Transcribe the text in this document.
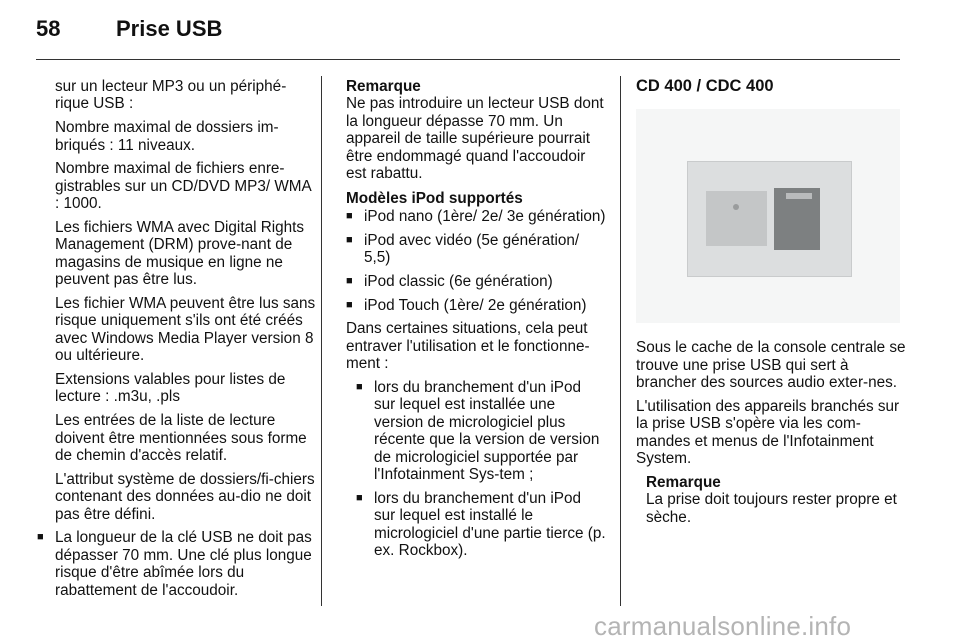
58	Prise USB

sur un lecteur MP3 ou un périphé-rique USB :

Nombre maximal de dossiers im-briqués : 11 niveaux.

Nombre maximal de fichiers enre-gistrables sur un CD/DVD MP3/ WMA : 1000.

Les fichiers WMA avec Digital Rights Management (DRM) prove-nant de magasins de musique en ligne ne peuvent pas être lus.

Les fichier WMA peuvent être lus sans risque uniquement s'ils ont été créés avec Windows Media Player version 8 ou ultérieure.

Extensions valables pour listes de lecture : .m3u, .pls

Les entrées de la liste de lecture doivent être mentionnées sous forme de chemin d'accès relatif.

L'attribut système de dossiers/fi-chiers contenant des données au-dio ne doit pas être défini.

■ La longueur de la clé USB ne doit pas dépasser 70 mm. Une clé plus longue risque d'être abîmée lors du rabattement de l'accoudoir.
Remarque
Ne pas introduire un lecteur USB dont la longueur dépasse 70 mm. Un appareil de taille supérieure pourrait être endommagé quand l'accoudoir est rabattu.
Modèles iPod supportés
■ iPod nano (1ère/ 2e/ 3e génération)
■ iPod avec vidéo (5e génération/ 5,5)
■ iPod classic (6e génération)
■ iPod Touch (1ère/ 2e génération)

Dans certaines situations, cela peut entraver l'utilisation et le fonctionne-ment :

■ lors du branchement d'un iPod sur lequel est installée une version de micrologiciel plus récente que la version de version de micrologiciel supportée par l'Infotainment Sys-tem ;
■ lors du branchement d'un iPod sur lequel est installé le micrologiciel d'une partie tierce (p. ex. Rockbox).
CD 400 / CDC 400

Sous le cache de la console centrale se trouve une prise USB qui sert à brancher des sources audio exter-nes.

L'utilisation des appareils branchés sur la prise USB s'opère via les com-mandes et menus de l'Infotainment System.

Remarque
La prise doit toujours rester propre et sèche.
carmanualsonline.info
